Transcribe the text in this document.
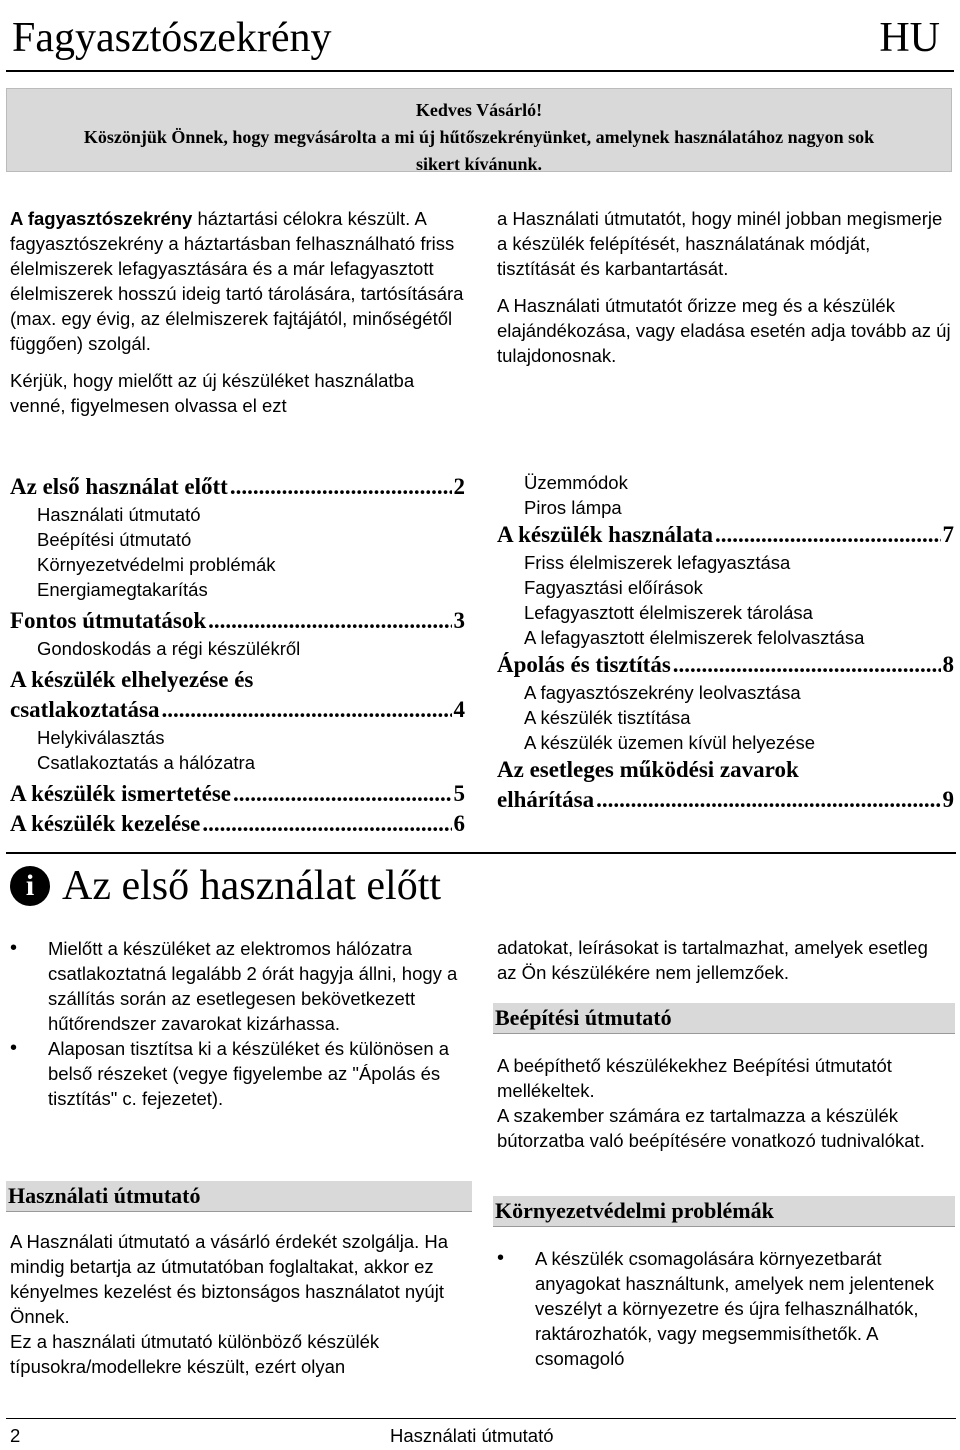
Fagyasztószekrény	HU
Kedves Vásárló!
Köszönjük Önnek, hogy megvásárolta a mi új hűtőszekrényünket, amelynek használatához nagyon sok sikert kívánunk.

A fagyasztószekrény háztartási célokra készült. A fagyasztószekrény a háztartásban felhasználható friss élelmiszerek lefagyasztására és a már lefagyasztott élelmiszerek hosszú ideig tartó tárolására, tartósítására (max. egy évig, az élelmiszerek fajtájától, minőségétől függően) szolgál.

Kérjük, hogy mielőtt az új készüléket használatba venné, figyelmesen olvassa el ezt

a Használati útmutatót, hogy minél jobban megismerje a készülék felépítését, használatának módját, tisztítását és karbantartását.

A Használati útmutatót őrizze meg és a készülék elajándékozása, vagy eladása esetén adja tovább az új tulajdonosnak.

Az első használat előtt .....	2
Használati útmutató
Beépítési útmutató
Környezetvédelmi problémák
Energiamegtakarítás
Fontos útmutatások .....	3
Gondoskodás a régi készülékről
A készülék elhelyezése és
csatlakoztatása .....	4
Helykiválasztás
Csatlakoztatás a hálózatra
A készülék ismertetése .....	5
A készülék kezelése .....	6
Üzemmódok
Piros lámpa
A készülék használata .....	7
Friss élelmiszerek lefagyasztása
Fagyasztási előírások
Lefagyasztott élelmiszerek tárolása
A lefagyasztott élelmiszerek felolvasztása
Ápolás és tisztítás .....	8
A fagyasztószekrény leolvasztása
A készülék tisztítása
A készülék üzemen kívül helyezése
Az esetleges működési zavarok
elhárítása .....	9
i Az első használat előtt
• Mielőtt a készüléket az elektromos hálózatra csatlakoztatná legalább 2 órát hagyja állni, hogy a szállítás során az esetlegesen bekövetkezett hűtőrendszer zavarokat kizárhassa.
• Alaposan tisztítsa ki a készüléket és különösen a belső részeket (vegye figyelembe az "Ápolás és tisztítás" c. fejezetet).
Használati útmutató
A Használati útmutató a vásárló érdekét szolgálja. Ha mindig betartja az útmutatóban foglaltakat, akkor ez kényelmes kezelést és biztonságos használatot nyújt Önnek.
Ez a használati útmutató különböző készülék típusokra/modellekre készült, ezért olyan
adatokat, leírásokat is tartalmazhat, amelyek esetleg az Ön készülékére nem jellemzőek.
Beépítési útmutató
A beépíthető készülékekhez Beépítési útmutatót mellékeltek.
A szakember számára ez tartalmazza a készülék bútorzatba való beépítésére vonatkozó tudnivalókat.
Környezetvédelmi problémák
• A készülék csomagolására környezetbarát anyagokat használtunk, amelyek nem jelentenek veszélyt a környezetre és újra felhasználhatók, raktározhatók, vagy megsemmisíthetők. A csomagoló
2	Használati útmutató
